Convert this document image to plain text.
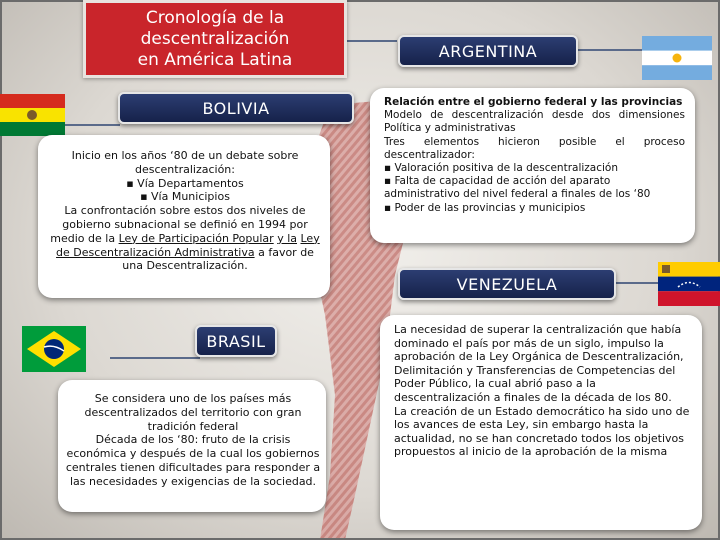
Cronología de la
descentralización
en América Latina
BOLIVIA
Inicio en los años ‘80 de un debate sobre descentralización:
▪ Vía Departamentos
▪ Vía Municipios
La confrontación sobre estos dos niveles de gobierno subnacional se definió en 1994 por medio de la Ley de Participación Popular y la Ley de Descentralización Administrativa a favor de una Descentralización.
BRASIL
Se considera uno de los países más descentralizados del territorio con gran tradición federal
Década de los ‘80: fruto de la crisis económica y después de la cual los gobiernos centrales tienen dificultades para responder a las necesidades y exigencias de la sociedad.
ARGENTINA
Relación entre el gobierno federal y las provincias
Modelo de descentralización desde dos dimensiones Política y administrativas
Tres elementos hicieron posible el proceso descentralizador:
▪ Valoración positiva de la descentralización
▪ Falta de capacidad de acción del aparato administrativo del nivel federal a finales de los ‘80
▪ Poder de las provincias y municipios
VENEZUELA
La necesidad de superar la centralización que había dominado el país por más de un siglo, impulso la aprobación de la Ley Orgánica de Descentralización, Delimitación y Transferencias de Competencias del Poder Público, la cual abrió paso a la descentralización a finales de la década de los 80.
La creación de un Estado democrático ha sido uno de los avances de esta Ley, sin embargo hasta la actualidad, no se han concretado todos los objetivos propuestos al inicio de la aprobación de la misma
